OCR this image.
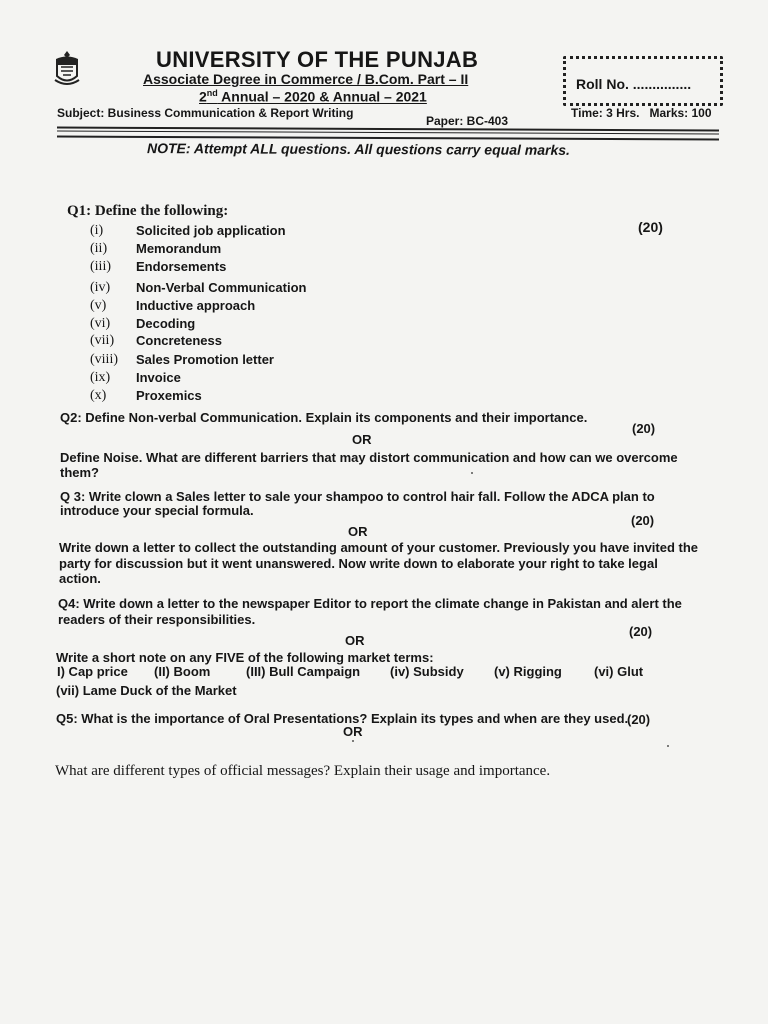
UNIVERSITY OF THE PUNJAB
Associate Degree in Commerce / B.Com. Part – II
2nd Annual – 2020 & Annual – 2021
Roll No. ...............
Subject: Business Communication & Report Writing
Paper: BC-403
Time: 3 Hrs. Marks: 100
NOTE: Attempt ALL questions. All questions carry equal marks.
Q1: Define the following:
(20)
(i)	Solicited job application
(ii) Memorandum
(iii) Endorsements
(iv) Non-Verbal Communication
(v) Inductive approach
(vi) Decoding
(vii) Concreteness
(viii) Sales Promotion letter
(ix) Invoice
(x) Proxemics
Q2: Define Non-verbal Communication. Explain its components and their importance.
(20)
OR
Define Noise. What are different barriers that may distort communication and how can we overcome
them?
Q 3: Write clown a Sales letter to sale your shampoo to control hair fall. Follow the ADCA plan to
introduce your special formula.
(20)
OR
Write down a letter to collect the outstanding amount of your customer. Previously you have invited the
party for discussion but it went unanswered. Now write down to elaborate your right to take legal
action.
Q4: Write down a letter to the newspaper Editor to report the climate change in Pakistan and alert the
readers of their responsibilities.
(20)
OR
Write a short note on any FIVE of the following market terms:
I) Cap price (II) Boom	(III) Bull Campaign (iv) Subsidy (v) Rigging (vi) Glut
(vii) Lame Duck of the Market
Q5: What is the importance of Oral Presentations? Explain its types and when are they used.
(20)
OR
What are different types of official messages? Explain their usage and importance.
